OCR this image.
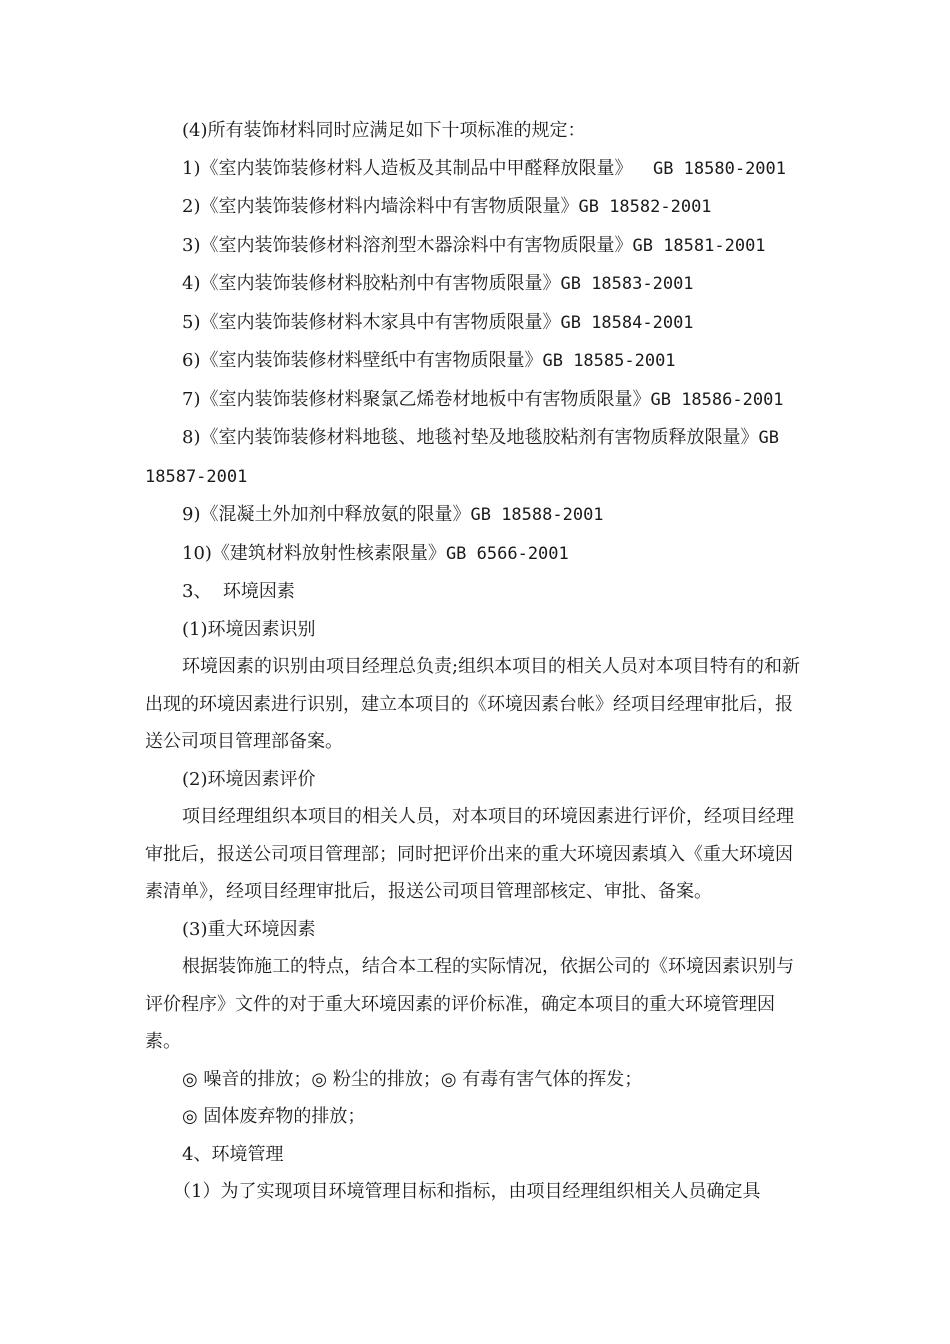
(4)所有装饰材料同时应满足如下十项标准的规定：

1)《室内装饰装修材料人造板及其制品中甲醛释放限量》  GB 18580-2001

2)《室内装饰装修材料内墙涂料中有害物质限量》GB 18582-2001

3)《室内装饰装修材料溶剂型木器涂料中有害物质限量》GB 18581-2001

4)《室内装饰装修材料胶粘剂中有害物质限量》GB 18583-2001

5)《室内装饰装修材料木家具中有害物质限量》GB 18584-2001

6)《室内装饰装修材料壁纸中有害物质限量》GB 18585-2001

7)《室内装饰装修材料聚氯乙烯卷材地板中有害物质限量》GB 18586-2001

8)《室内装饰装修材料地毯、地毯衬垫及地毯胶粘剂有害物质释放限量》GB 18587-2001

9)《混凝土外加剂中释放氨的限量》GB 18588-2001

10)《建筑材料放射性核素限量》GB 6566-2001

3、  环境因素

(1)环境因素识别

环境因素的识别由项目经理总负责;组织本项目的相关人员对本项目特有的和新出现的环境因素进行识别，建立本项目的《环境因素台帐》经项目经理审批后，报送公司项目管理部备案。

(2)环境因素评价

项目经理组织本项目的相关人员，对本项目的环境因素进行评价，经项目经理审批后，报送公司项目管理部；同时把评价出来的重大环境因素填入《重大环境因素清单》，经项目经理审批后，报送公司项目管理部核定、审批、备案。

(3)重大环境因素

根据装饰施工的特点，结合本工程的实际情况，依据公司的《环境因素识别与评价程序》文件的对于重大环境因素的评价标准，确定本项目的重大环境管理因素。

◎ 噪音的排放；◎ 粉尘的排放；◎ 有毒有害气体的挥发；

◎ 固体废弃物的排放；

4、环境管理

（1）为了实现项目环境管理目标和指标，由项目经理组织相关人员确定具
